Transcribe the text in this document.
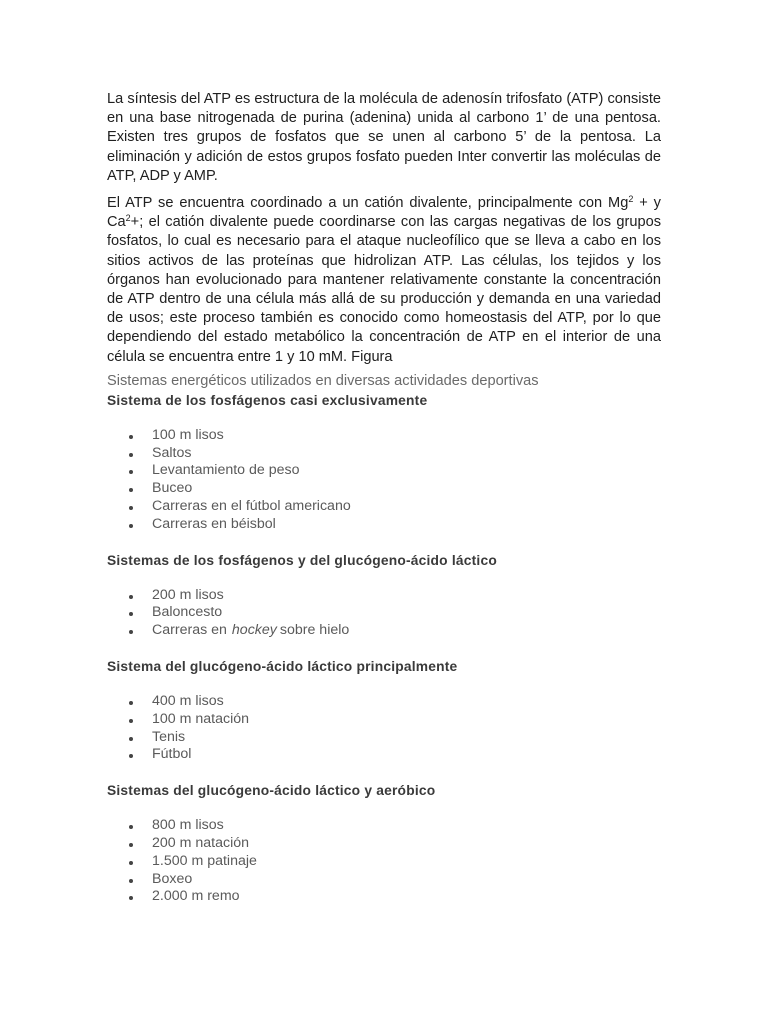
La síntesis del ATP es estructura de la molécula de adenosín trifosfato (ATP) consiste en una base nitrogenada de purina (adenina) unida al carbono 1’ de una pentosa. Existen tres grupos de fosfatos que se unen al carbono 5’ de la pentosa. La eliminación y adición de estos grupos fosfato pueden Inter convertir las moléculas de ATP, ADP y AMP.

El ATP se encuentra coordinado a un catión divalente, principalmente con $Mg^2 + y$ $Ca^2+$; el catión divalente puede coordinarse con las cargas negativas de los grupos fosfatos, lo cual es necesario para el ataque nucleofílico que se lleva a cabo en los sitios activos de las proteínas que hidrolizan ATP. Las células, los tejidos y los órganos han evolucionado para mantener relativamente constante la concentración de ATP dentro de una célula más allá de su producción y demanda en una variedad de usos; este proceso también es conocido como homeostasis del ATP, por lo que dependiendo del estado metabólico la concentración de ATP en el interior de una célula se encuentra entre 1 y 10 mM. Figura

Sistemas energéticos utilizados en diversas actividades deportivas
Sistema de los fosfágenos casi exclusivamente
100 m lisos
Saltos
Levantamiento de peso
Buceo
Carreras en el fútbol americano
Carreras en béisbol
Sistemas de los fosfágenos y del glucógeno-ácido láctico
200 m lisos
Baloncesto
Carreras en hockey sobre hielo
Sistema del glucógeno-ácido láctico principalmente
400 m lisos
100 m natación
Tenis
Fútbol
Sistemas del glucógeno-ácido láctico y aeróbico
800 m lisos
200 m natación
1.500 m patinaje
Boxeo
2.000 m remo
